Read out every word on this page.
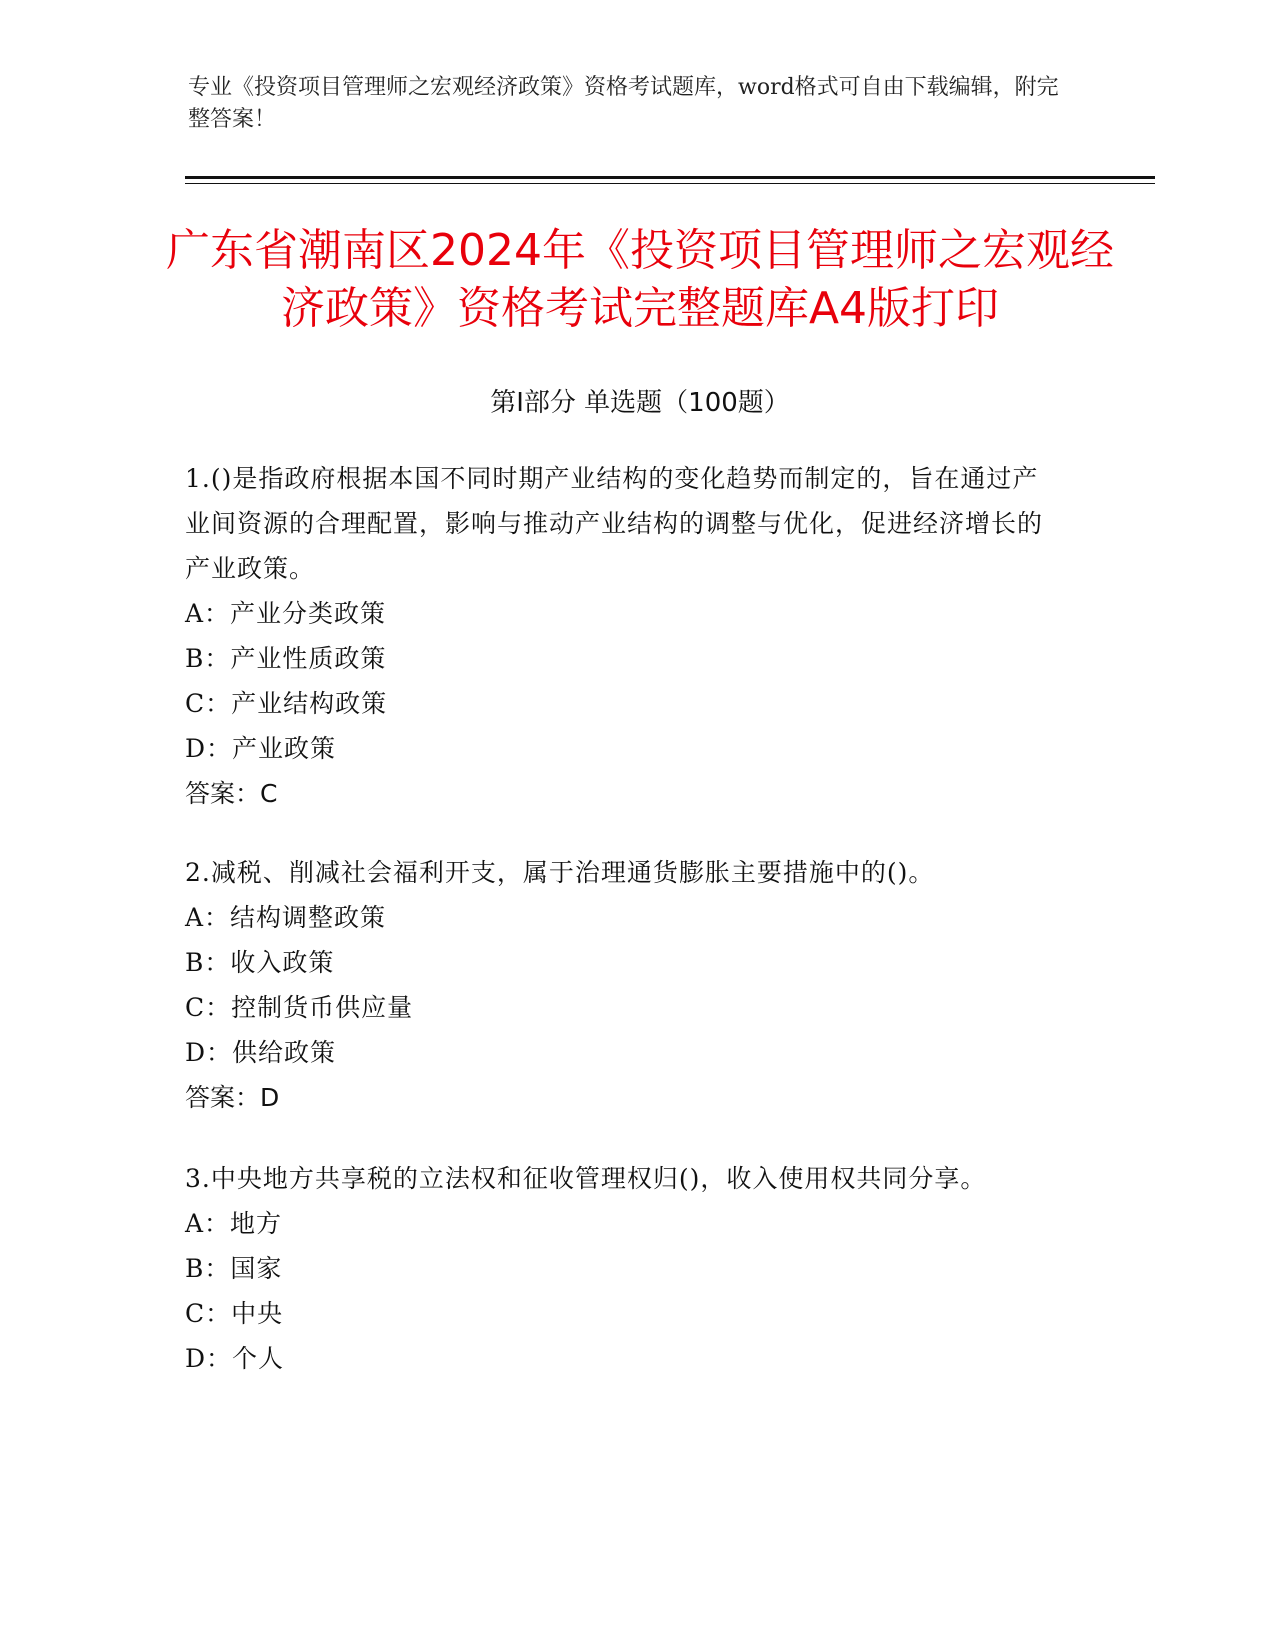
专业《投资项目管理师之宏观经济政策》资格考试题库，word格式可自由下载编辑，附完整答案！
广东省潮南区2024年《投资项目管理师之宏观经济政策》资格考试完整题库A4版打印
第I部分 单选题（100题）

1.()是指政府根据本国不同时期产业结构的变化趋势而制定的，旨在通过产业间资源的合理配置，影响与推动产业结构的调整与优化，促进经济增长的产业政策。

A：产业分类政策

B：产业性质政策

C：产业结构政策

D：产业政策

答案：C

2.减税、削减社会福利开支，属于治理通货膨胀主要措施中的()。

A：结构调整政策

B：收入政策

C：控制货币供应量

D：供给政策

答案：D

3.中央地方共享税的立法权和征收管理权归()，收入使用权共同分享。

A：地方

B：国家

C：中央

D：个人
